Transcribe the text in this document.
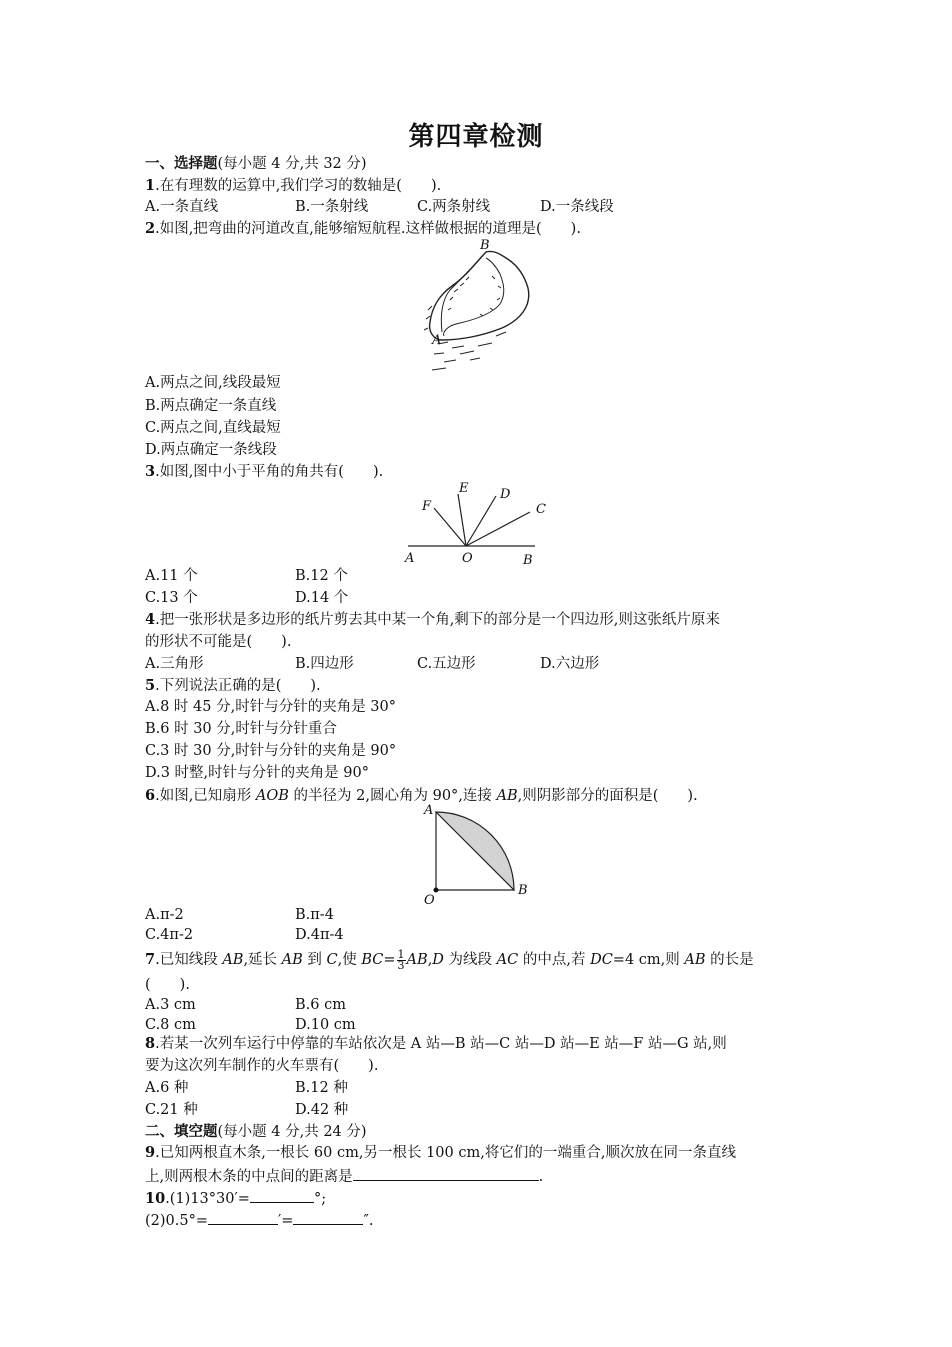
第四章检测
一、选择题(每小题 4 分,共 32 分)
1.在有理数的运算中,我们学习的数轴是(　　).
A.一条直线	B.一条射线	C.两条射线	D.一条线段
2.如图,把弯曲的河道改直,能够缩短航程.这样做根据的道理是(　　).
B
A
A.两点之间,线段最短
B.两点确定一条直线
C.两点之间,直线最短
D.两点确定一条线段
3.如图,图中小于平角的角共有(　　).
F
E D
C
A	O	B
A.11 个	B.12 个
C.13 个	D.14 个
4.把一张形状是多边形的纸片剪去其中某一个角,剩下的部分是一个四边形,则这张纸片原来
的形状不可能是(　　).
A.三角形	B.四边形	C.五边形	D.六边形
5.下列说法正确的是(　　).
A.8 时 45 分,时针与分针的夹角是 30°
B.6 时 30 分,时针与分针重合
C.3 时 30 分,时针与分针的夹角是 90°
D.3 时整,时针与分针的夹角是 90°
6.如图,已知扇形 AOB 的半径为 2,圆心角为 90°,连接 AB,则阴影部分的面积是(　　).
A
O
B
A.π-2	B.π-4
C.4π-2	D.4π-4
7.已知线段 AB,延长 AB 到 C,使 $BC= \frac{1}{3} AB,D$ 为线段 AC 的中点,若 DC=4 cm,则 AB 的长是
(　　).
A.3 cm	B.6 cm
C.8 cm	D.10 cm
8.若某一次列车运行中停靠的车站依次是 A 站—B 站—C 站—D 站—E 站—F 站—G 站,则
要为这次列车制作的火车票有(　　).
A.6 种	B.12 种
C.21 种	D.42 种
二、填空题(每小题 4 分,共 24 分)
9.已知两根直木条,一根长 60 cm,另一根长 100 cm,将它们的一端重合,顺次放在同一条直线
上,则两根木条的中点间的距离是	.
10.(1)13°30′=	°;
(2)0.5°=	′=	″.
